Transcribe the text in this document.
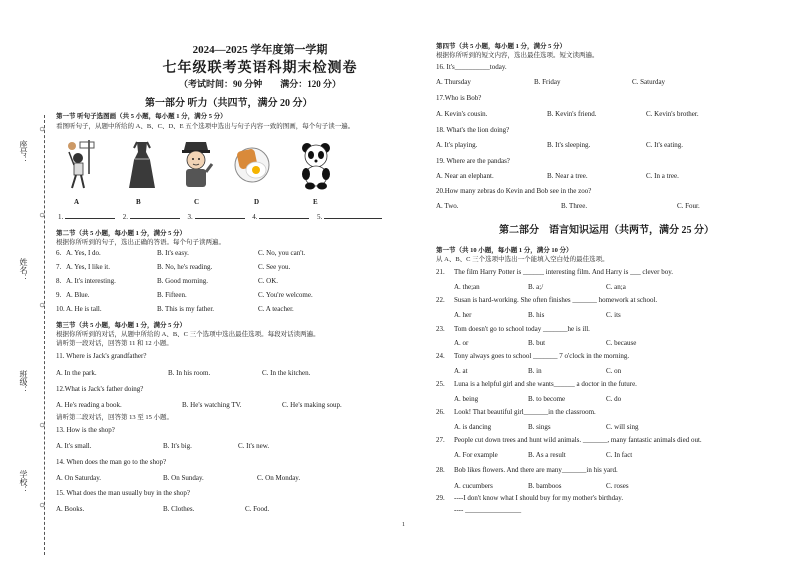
座号：
姓名：
班级：
学校：
○
○
○
○
○
2024—2025 学年度第一学期
七年级联考英语科期末检测卷
（考试时间：90 分钟　　满分：120 分）
第一部分 听力（共四节，满分 20 分）
第一节 听句子选图画（共 5 小题，每小题 1 分，满分 5 分）
看图听句子，从题中所给的 A、B、C、D、E 五个选项中选出与句子内容一致的图画，每个句子读一遍。
A	B	C	D	E
1.	2.	3.	4.	5.
第二节（共 5 小题，每小题 1 分，满分 5 分）
根据你所听到的句子，选出正确的答语。每个句子读两遍。
6. A. Yes, I do.	B. It's easy.	C. No, you can't.
7. A. Yes, I like it.	B. No, he's reading.	C. See you.
8. A. It's interesting.	B. Good morning.	C. OK.
9. A. Blue.	B. Fifteen.	C. You're welcome.
10. A. He is tall.	B. This is my father.	C. A teacher.
第三节（共 5 小题，每小题 1 分，满分 5 分）
根据你所听到的对话，从题中所给的 A、B、C 三个选项中选出最佳选项。每段对话读两遍。
请听第一段对话，回答第 11 和 12 小题。
11. Where is Jack's grandfather?
A. In the park.	B. In his room.	C. In the kitchen.
12.What is Jack's father doing?
A. He's reading a book.	B. He's watching TV.	C. He's making soup.
请听第二段对话，回答第 13 至 15 小题。
13. How is the shop?
A. It's small.	B. It's big.	C. It's new.
14. When does the man go to the shop?
A. On Saturday.	B. On Sunday.	C. On Monday.
15. What does the man usually buy in the shop?
A. Books.	B. Clothes.	C. Food.
第四节（共 5 小题，每小题 1 分，满分 5 分）
根据你所听到的短文内容，选出最佳选项。短文读两遍。
16. It's__________today.
A. Thursday	B. Friday	C. Saturday
17.Who is Bob?
A. Kevin's cousin.	B. Kevin's friend.	C. Kevin's brother.
18. What's the lion doing?
A. It's playing.	B. It's sleeping.	C. It's eating.
19. Where are the pandas?
A. Near an elephant.	B. Near a tree.	C. In a tree.
20.How many zebras do Kevin and Bob see in the zoo?
A. Two.	B. Three.	C. Four.
第二部分　语言知识运用（共两节，满分 25 分）
第一节（共 10 小题，每小题 1 分，满分 10 分）
从 A、B、C 三个选项中选出一个能填入空白处的最佳选项。
21. The film Harry Potter is ______ interesting film. And Harry is ___ clever boy.
A. the;an	B. a;/	C. an;a
22. Susan is hard-working. She often finishes _______ homework at school.
A. her	B. his	C. its
23. Tom doesn't go to school today _______he is ill.
A. or	B. but	C. because
24. Tony always goes to school _______ 7 o'clock in the morning.
A. at	B. in	C. on
25. Luna is a helpful girl and she wants______ a doctor in the future.
A. being	B. to become	C. do
26. Look! That beautiful girl_______in the classroom.
A. is dancing	B. sings	C. will sing
27. People cut down trees and hunt wild animals. _______, many fantastic animals died out.
A. For example	B. As a result	C. In fact
28. Bob likes flowers. And there are many_______in his yard.
A. cucumbers	B. bamboos	C. roses
29. ----I don't know what I should buy for my mother's birthday.
---- ________________
1
